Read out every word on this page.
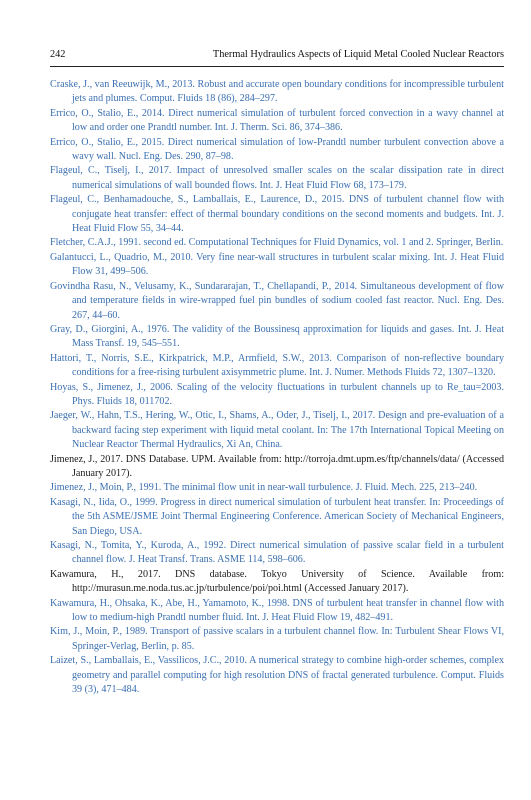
242	Thermal Hydraulics Aspects of Liquid Metal Cooled Nuclear Reactors

Craske, J., van Reeuwijk, M., 2013. Robust and accurate open boundary conditions for incompressible turbulent jets and plumes. Comput. Fluids 18 (86), 284–297.

Errico, O., Stalio, E., 2014. Direct numerical simulation of turbulent forced convection in a wavy channel at low and order one Prandtl number. Int. J. Therm. Sci. 86, 374–386.

Errico, O., Stalio, E., 2015. Direct numerical simulation of low-Prandtl number turbulent convection above a wavy wall. Nucl. Eng. Des. 290, 87–98.

Flageul, C., Tiselj, I., 2017. Impact of unresolved smaller scales on the scalar dissipation rate in direct numerical simulations of wall bounded flows. Int. J. Heat Fluid Flow 68, 173–179.

Flageul, C., Benhamadouche, S., Lamballais, E., Laurence, D., 2015. DNS of turbulent channel flow with conjugate heat transfer: effect of thermal boundary conditions on the second moments and budgets. Int. J. Heat Fluid Flow 55, 34–44.

Fletcher, C.A.J., 1991. second ed. Computational Techniques for Fluid Dynamics, vol. 1 and 2. Springer, Berlin.

Galantucci, L., Quadrio, M., 2010. Very fine near-wall structures in turbulent scalar mixing. Int. J. Heat Fluid Flow 31, 499–506.

Govindha Rasu, N., Velusamy, K., Sundararajan, T., Chellapandi, P., 2014. Simultaneous development of flow and temperature fields in wire-wrapped fuel pin bundles of sodium cooled fast reactor. Nucl. Eng. Des. 267, 44–60.

Gray, D., Giorgini, A., 1976. The validity of the Boussinesq approximation for liquids and gases. Int. J. Heat Mass Transf. 19, 545–551.

Hattori, T., Norris, S.E., Kirkpatrick, M.P., Armfield, S.W., 2013. Comparison of non-reflective boundary conditions for a free-rising turbulent axisymmetric plume. Int. J. Numer. Methods Fluids 72, 1307–1320.

Hoyas, S., Jimenez, J., 2006. Scaling of the velocity fluctuations in turbulent channels up to Re_tau=2003. Phys. Fluids 18, 011702.

Jaeger, W., Hahn, T.S., Hering, W., Otic, I., Shams, A., Oder, J., Tiselj, I., 2017. Design and pre-evaluation of a backward facing step experiment with liquid metal coolant. In: The 17th International Topical Meeting on Nuclear Reactor Thermal Hydraulics, Xi An, China.

Jimenez, J., 2017. DNS Database. UPM. Available from: http://torroja.dmt.upm.es/ftp/channels/data/ (Accessed January 2017).

Jimenez, J., Moin, P., 1991. The minimal flow unit in near-wall turbulence. J. Fluid. Mech. 225, 213–240.

Kasagi, N., Iida, O., 1999. Progress in direct numerical simulation of turbulent heat transfer. In: Proceedings of the 5th ASME/JSME Joint Thermal Engineering Conference. American Society of Mechanical Engineers, San Diego, USA.

Kasagi, N., Tomita, Y., Kuroda, A., 1992. Direct numerical simulation of passive scalar field in a turbulent channel flow. J. Heat Transf. Trans. ASME 114, 598–606.

Kawamura, H., 2017. DNS database. Tokyo University of Science. Available from: http://murasun.me.noda.tus.ac.jp/turbulence/poi/poi.html (Accessed January 2017).

Kawamura, H., Ohsaka, K., Abe, H., Yamamoto, K., 1998. DNS of turbulent heat transfer in channel flow with low to medium-high Prandtl number fluid. Int. J. Heat Fluid Flow 19, 482–491.

Kim, J., Moin, P., 1989. Transport of passive scalars in a turbulent channel flow. In: Turbulent Shear Flows VI, Springer-Verlag, Berlin, p. 85.

Laizet, S., Lamballais, E., Vassilicos, J.C., 2010. A numerical strategy to combine high-order schemes, complex geometry and parallel computing for high resolution DNS of fractal generated turbulence. Comput. Fluids 39 (3), 471–484.
